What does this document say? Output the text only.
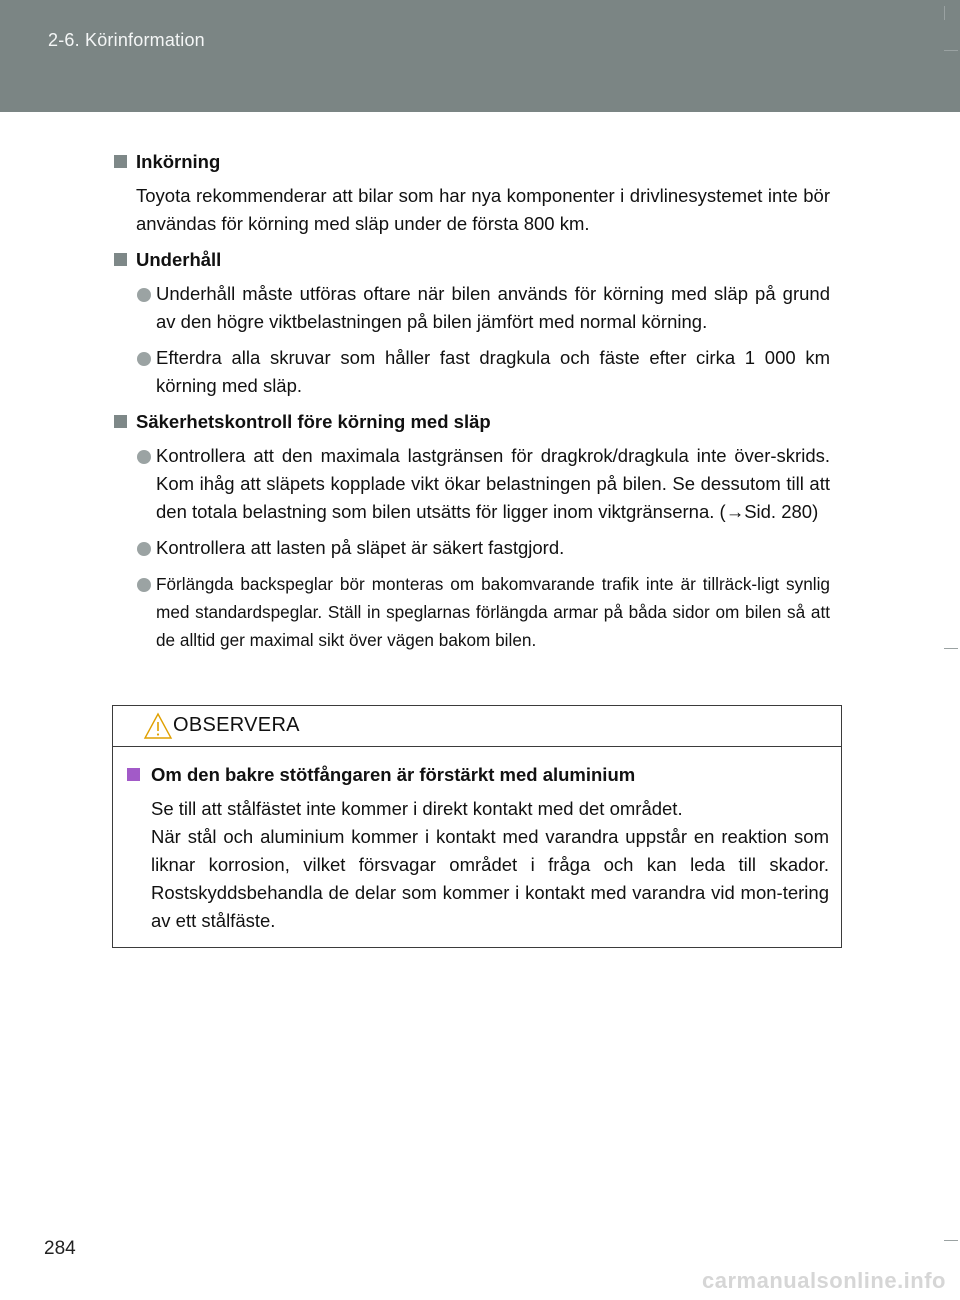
2-6. Körinformation
Inkörning
Toyota rekommenderar att bilar som har nya komponenter i drivlinesystemet inte bör användas för körning med släp under de första 800 km.
Underhåll
Underhåll måste utföras oftare när bilen används för körning med släp på grund av den högre viktbelastningen på bilen jämfört med normal körning.
Efterdra alla skruvar som håller fast dragkula och fäste efter cirka 1 000 km körning med släp.
Säkerhetskontroll före körning med släp
Kontrollera att den maximala lastgränsen för dragkrok/dragkula inte över-skrids. Kom ihåg att släpets kopplade vikt ökar belastningen på bilen. Se dessutom till att den totala belastning som bilen utsätts för ligger inom viktgränserna. (→Sid. 280)
Kontrollera att lasten på släpet är säkert fastgjord.
Förlängda backspeglar bör monteras om bakomvarande trafik inte är tillräck-ligt synlig med standardspeglar. Ställ in speglarnas förlängda armar på båda sidor om bilen så att de alltid ger maximal sikt över vägen bakom bilen.
OBSERVERA
Om den bakre stötfångaren är förstärkt med aluminium
Se till att stålfästet inte kommer i direkt kontakt med det området.
När stål och aluminium kommer i kontakt med varandra uppstår en reaktion som liknar korrosion, vilket försvagar området i fråga och kan leda till skador. Rostskyddsbehandla de delar som kommer i kontakt med varandra vid mon-tering av ett stålfäste.
284
carmanualsonline.info
